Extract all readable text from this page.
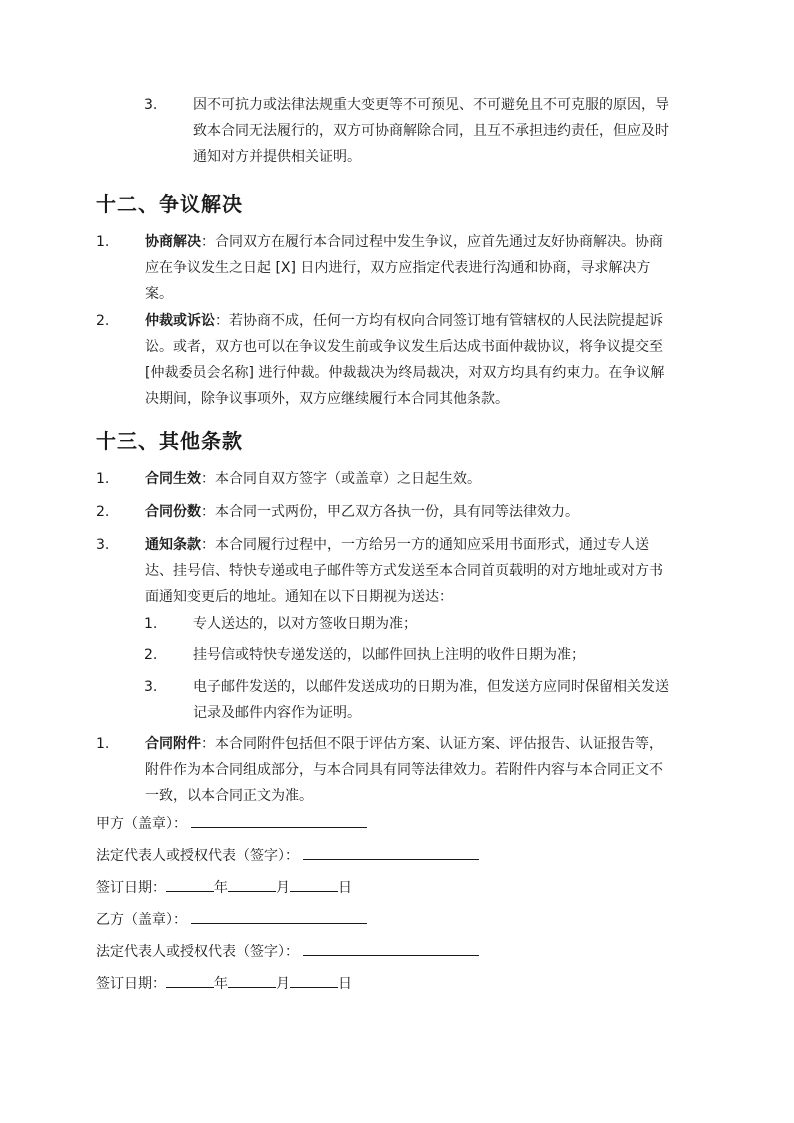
3.	因不可抗力或法律法规重大变更等不可预见、不可避免且不可克服的原因，导
致本合同无法履行的，双方可协商解除合同，且互不承担违约责任，但应及时
通知对方并提供相关证明。
十二、争议解决
1.	协商解决：合同双方在履行本合同过程中发生争议，应首先通过友好协商解决。协商
应在争议发生之日起 [X] 日内进行，双方应指定代表进行沟通和协商，寻求解决方
案。
2.	仲裁或诉讼：若协商不成，任何一方均有权向合同签订地有管辖权的人民法院提起诉
讼。或者，双方也可以在争议发生前或争议发生后达成书面仲裁协议，将争议提交至
[仲裁委员会名称] 进行仲裁。仲裁裁决为终局裁决，对双方均具有约束力。在争议解
决期间，除争议事项外，双方应继续履行本合同其他条款。
十三、其他条款
1.	合同生效：本合同自双方签字（或盖章）之日起生效。
2.	合同份数：本合同一式两份，甲乙双方各执一份，具有同等法律效力。
3.	通知条款：本合同履行过程中，一方给另一方的通知应采用书面形式，通过专人送
达、挂号信、特快专递或电子邮件等方式发送至本合同首页载明的对方地址或对方书
面通知变更后的地址。通知在以下日期视为送达：
1.	专人送达的，以对方签收日期为准；
2.	挂号信或特快专递发送的，以邮件回执上注明的收件日期为准；
3.	电子邮件发送的，以邮件发送成功的日期为准，但发送方应同时保留相关发送
记录及邮件内容作为证明。
1.	合同附件：本合同附件包括但不限于评估方案、认证方案、评估报告、认证报告等，
附件作为本合同组成部分，与本合同具有同等法律效力。若附件内容与本合同正文不
一致，以本合同正文为准。
甲方（盖章）：
法定代表人或授权代表（签字）：
签订日期：	年	月	日
乙方（盖章）：
法定代表人或授权代表（签字）：
签订日期：	年	月	日
